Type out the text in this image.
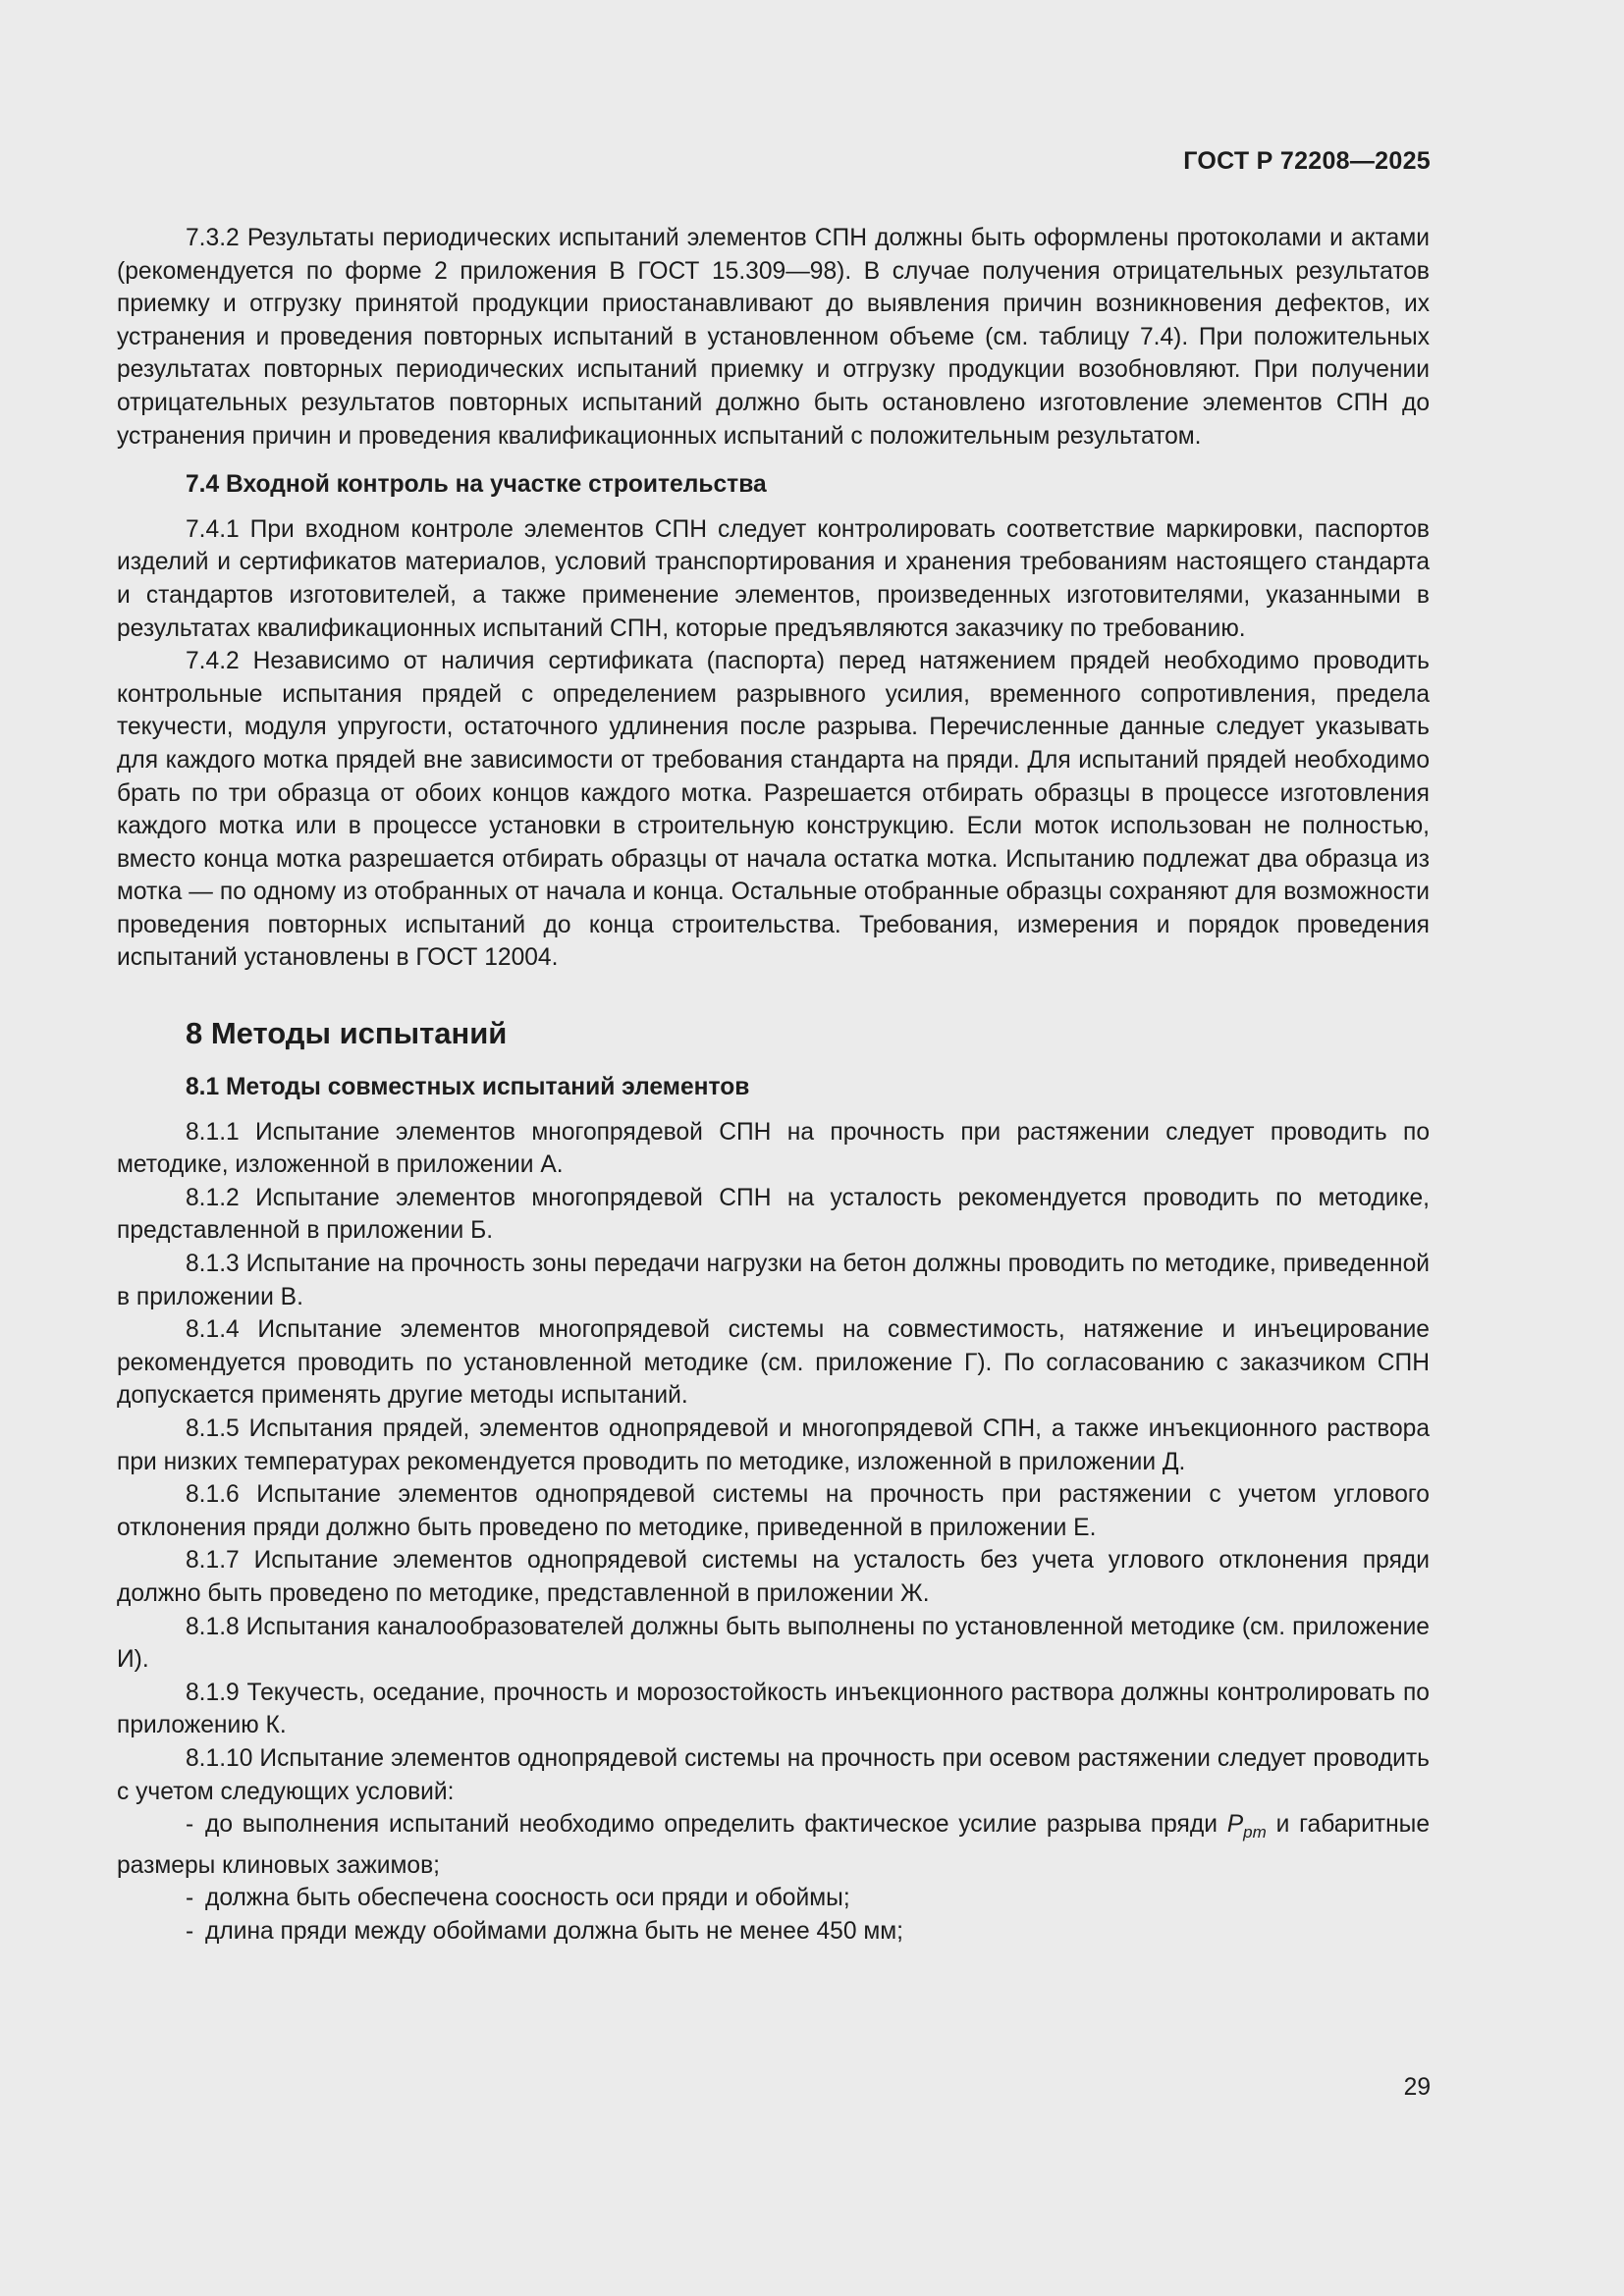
ГОСТ Р 72208—2025

7.3.2 Результаты периодических испытаний элементов СПН должны быть оформлены протоколами и актами (рекомендуется по форме 2 приложения В ГОСТ 15.309—98). В случае получения отрицательных результатов приемку и отгрузку принятой продукции приостанавливают до выявления причин возникновения дефектов, их устранения и проведения повторных испытаний в установленном объеме (см. таблицу 7.4). При положительных результатах повторных периодических испытаний приемку и отгрузку продукции возобновляют. При получении отрицательных результатов повторных испытаний должно быть остановлено изготовление элементов СПН до устранения причин и проведения квалификационных испытаний с положительным результатом.

7.4 Входной контроль на участке строительства

7.4.1 При входном контроле элементов СПН следует контролировать соответствие маркировки, паспортов изделий и сертификатов материалов, условий транспортирования и хранения требованиям настоящего стандарта и стандартов изготовителей, а также применение элементов, произведенных изготовителями, указанными в результатах квалификационных испытаний СПН, которые предъявляются заказчику по требованию.

7.4.2 Независимо от наличия сертификата (паспорта) перед натяжением прядей необходимо проводить контрольные испытания прядей с определением разрывного усилия, временного сопротивления, предела текучести, модуля упругости, остаточного удлинения после разрыва. Перечисленные данные следует указывать для каждого мотка прядей вне зависимости от требования стандарта на пряди. Для испытаний прядей необходимо брать по три образца от обоих концов каждого мотка. Разрешается отбирать образцы в процессе изготовления каждого мотка или в процессе установки в строительную конструкцию. Если моток использован не полностью, вместо конца мотка разрешается отбирать образцы от начала остатка мотка. Испытанию подлежат два образца из мотка — по одному из отобранных от начала и конца. Остальные отобранные образцы сохраняют для возможности проведения повторных испытаний до конца строительства. Требования, измерения и порядок проведения испытаний установлены в ГОСТ 12004.

8 Методы испытаний
8.1 Методы совместных испытаний элементов

8.1.1 Испытание элементов многопрядевой СПН на прочность при растяжении следует проводить по методике, изложенной в приложении А.

8.1.2 Испытание элементов многопрядевой СПН на усталость рекомендуется проводить по методике, представленной в приложении Б.

8.1.3 Испытание на прочность зоны передачи нагрузки на бетон должны проводить по методике, приведенной в приложении В.

8.1.4 Испытание элементов многопрядевой системы на совместимость, натяжение и инъецирование рекомендуется проводить по установленной методике (см. приложение Г). По согласованию с заказчиком СПН допускается применять другие методы испытаний.

8.1.5 Испытания прядей, элементов однопрядевой и многопрядевой СПН, а также инъекционного раствора при низких температурах рекомендуется проводить по методике, изложенной в приложении Д.

8.1.6 Испытание элементов однопрядевой системы на прочность при растяжении с учетом углового отклонения пряди должно быть проведено по методике, приведенной в приложении Е.

8.1.7 Испытание элементов однопрядевой системы на усталость без учета углового отклонения пряди должно быть проведено по методике, представленной в приложении Ж.

8.1.8 Испытания каналообразователей должны быть выполнены по установленной методике (см. приложение И).

8.1.9 Текучесть, оседание, прочность и морозостойкость инъекционного раствора должны контролировать по приложению К.

8.1.10 Испытание элементов однопрядевой системы на прочность при осевом растяжении следует проводить с учетом следующих условий:

- до выполнения испытаний необходимо определить фактическое усилие разрыва пряди $P_{pm}$ и габаритные размеры клиновых зажимов;

- должна быть обеспечена соосность оси пряди и обоймы;

- длина пряди между обоймами должна быть не менее 450 мм;

29
